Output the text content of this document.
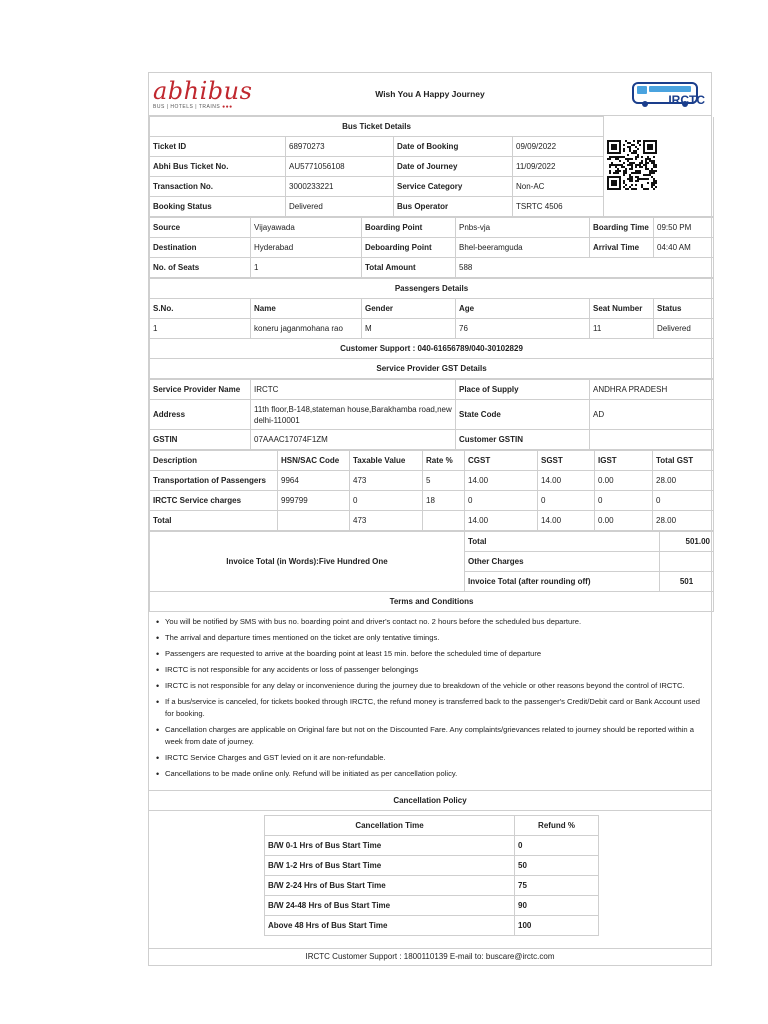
abhibus
BUS | HOTELS | TRAINS ●●●
Wish You A Happy Journey	IRCTC
Bus Ticket Details	
Ticket ID	68970273	Date of Booking	09/09/2022	
Abhi Bus Ticket No.	AU5771056108	Date of Journey	11/09/2022	
Transaction No.	3000233221	Service Category	Non-AC	
Booking Status	Delivered	Bus Operator	TSRTC 4506	
Source	Vijayawada	Boarding Point	Pnbs-vja	Boarding Time	09:50 PM
Destination	Hyderabad	Deboarding Point	Bhel-beeramguda	Arrival Time	04:40 AM
No. of Seats	1	Total Amount	588		
Passengers Details					
S.No.	Name	Gender	Age	Seat Number	Status
1	koneru jaganmohana rao	M	76	11	Delivered
Customer Support : 040-61656789/040-30102829					
Service Provider GST Details					
Service Provider Name	IRCTC	Place of Supply	ANDHRA PRADESH
Address	11th floor,B-148,stateman house,Barakhamba road,new delhi-110001	State Code	AD
GSTIN	07AAAC17074F1ZM	Customer GSTIN	
Description	HSN/SAC Code	Taxable Value	Rate %	CGST	SGST	IGST	Total GST
Transportation of Passengers	9964	473	5	14.00	14.00	0.00	28.00
IRCTC Service charges	999799	0	18	0	0	0	0
Total		473		14.00	14.00	0.00	28.00
Invoice Total (in Words):Five Hundred One	Total	501.00
	Other Charges	
	Invoice Total (after rounding off)	501
Terms and Conditions		
• You will be notified by SMS with bus no. boarding point and driver's contact no. 2 hours before the scheduled bus departure.
• The arrival and departure times mentioned on the ticket are only tentative timings.
• Passengers are requested to arrive at the boarding point at least 15 min. before the scheduled time of departure
• IRCTC is not responsible for any accidents or loss of passenger belongings
• IRCTC is not responsible for any delay or inconvenience during the journey due to breakdown of the vehicle or other reasons beyond the control of IRCTC.
• If a bus/service is canceled, for tickets booked through IRCTC, the refund money is transferred back to the passenger's Credit/Debit card or Bank Account used for booking.
• Cancellation charges are applicable on Original fare but not on the Discounted Fare. Any complaints/grievances related to journey should be reported within a week from date of journey.
• IRCTC Service Charges and GST levied on it are non-refundable.
• Cancellations to be made online only. Refund will be initiated as per cancellation policy.
Cancellation Policy
Cancellation Time	Refund %
B/W 0-1 Hrs of Bus Start Time	0
B/W 1-2 Hrs of Bus Start Time	50
B/W 2-24 Hrs of Bus Start Time	75
B/W 24-48 Hrs of Bus Start Time	90
Above 48 Hrs of Bus Start Time	100
IRCTC Customer Support : 1800110139 E-mail to: buscare@irctc.com
